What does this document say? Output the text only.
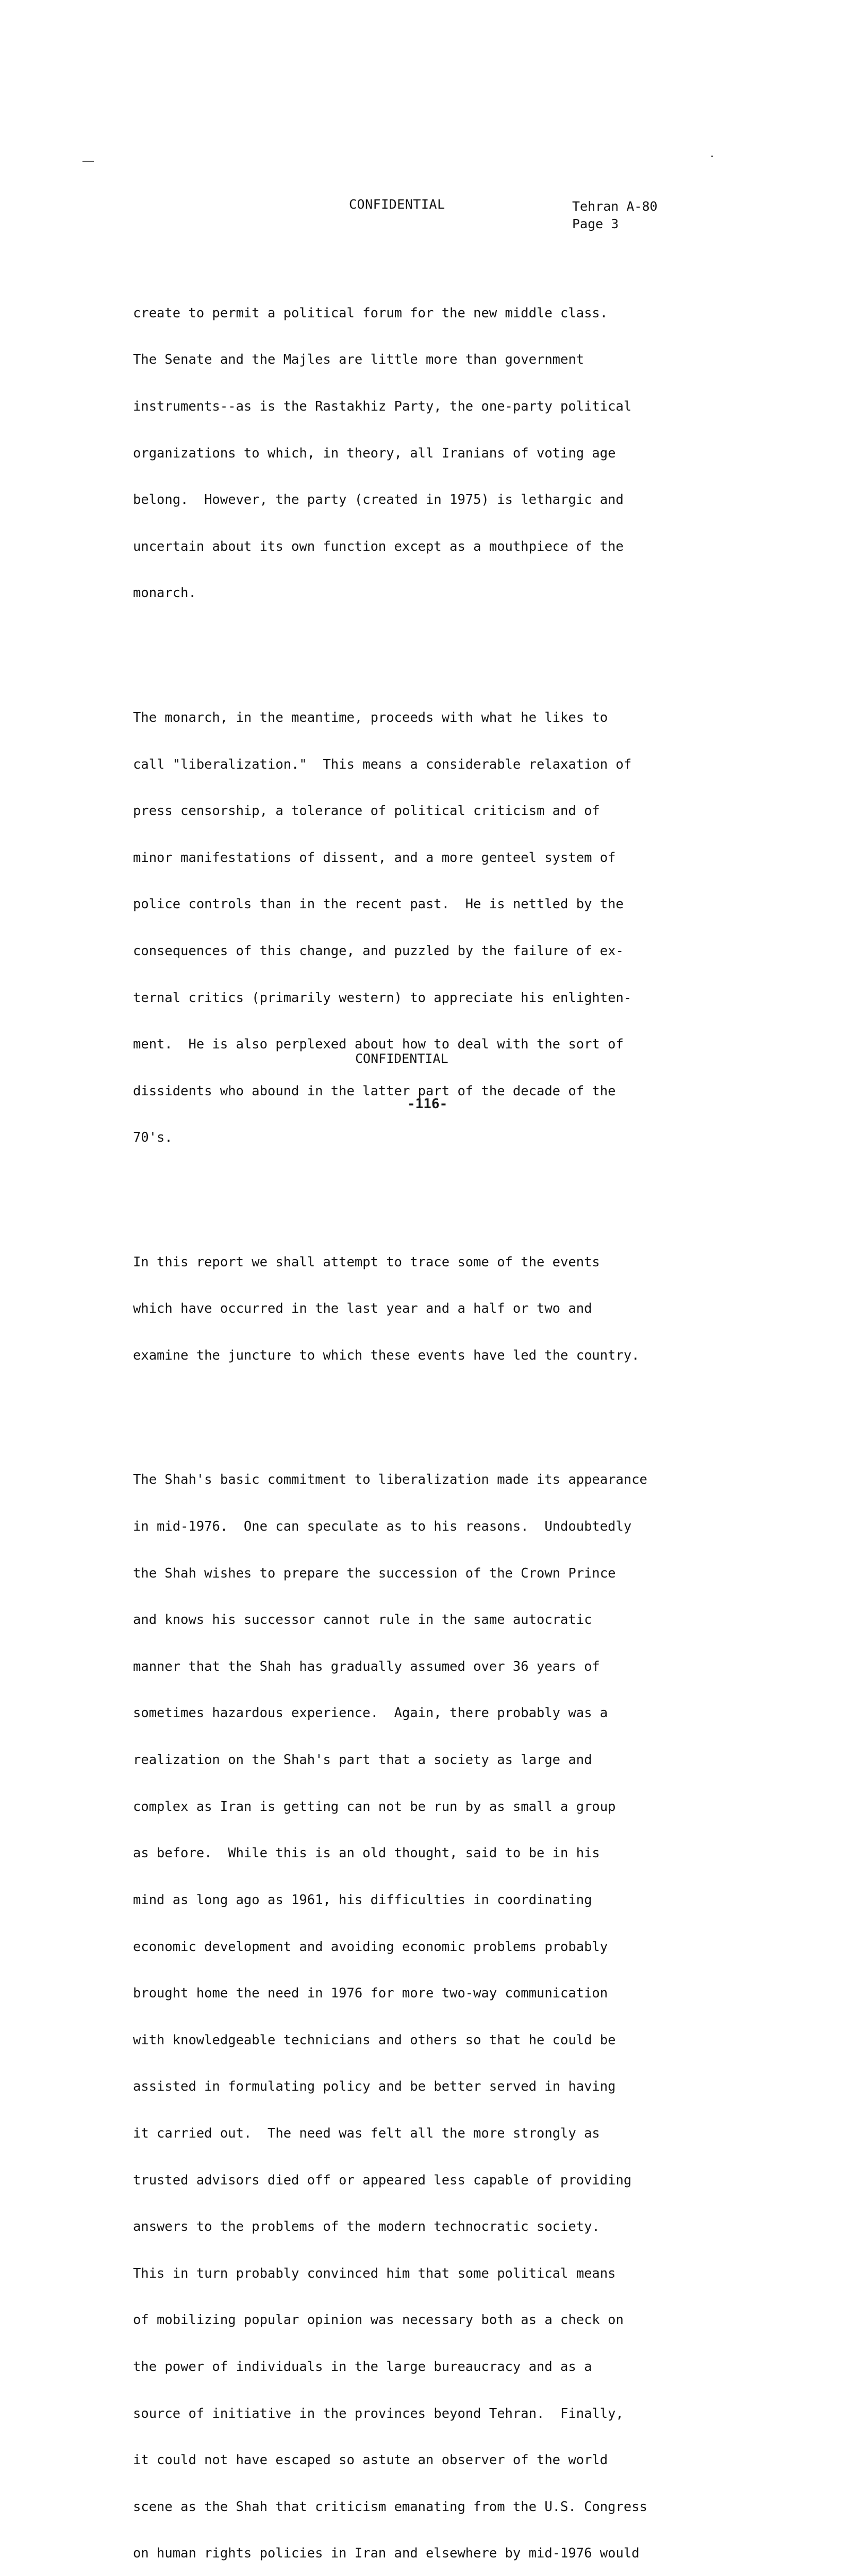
CONFIDENTIAL	Tehran A-80
Page 3

create to permit a political forum for the new middle class.

The Senate and the Majles are little more than government

instruments--as is the Rastakhiz Party, the one-party political

organizations to which, in theory, all Iranians of voting age

belong.  However, the party (created in 1975) is lethargic and

uncertain about its own function except as a mouthpiece of the

monarch.

The monarch, in the meantime, proceeds with what he likes to

call "liberalization."  This means a considerable relaxation of

press censorship, a tolerance of political criticism and of

minor manifestations of dissent, and a more genteel system of

police controls than in the recent past.  He is nettled by the

consequences of this change, and puzzled by the failure of ex-

ternal critics (primarily western) to appreciate his enlighten-

ment.  He is also perplexed about how to deal with the sort of

dissidents who abound in the latter part of the decade of the

70's.

In this report we shall attempt to trace some of the events

which have occurred in the last year and a half or two and

examine the juncture to which these events have led the country.

The Shah's basic commitment to liberalization made its appearance

in mid-1976.  One can speculate as to his reasons.  Undoubtedly

the Shah wishes to prepare the succession of the Crown Prince

and knows his successor cannot rule in the same autocratic

manner that the Shah has gradually assumed over 36 years of

sometimes hazardous experience.  Again, there probably was a

realization on the Shah's part that a society as large and

complex as Iran is getting can not be run by as small a group

as before.  While this is an old thought, said to be in his

mind as long ago as 1961, his difficulties in coordinating

economic development and avoiding economic problems probably

brought home the need in 1976 for more two-way communication

with knowledgeable technicians and others so that he could be

assisted in formulating policy and be better served in having

it carried out.  The need was felt all the more strongly as

trusted advisors died off or appeared less capable of providing

answers to the problems of the modern technocratic society.

This in turn probably convinced him that some political means

of mobilizing popular opinion was necessary both as a check on

the power of individuals in the large bureaucracy and as a

source of initiative in the provinces beyond Tehran.  Finally,

it could not have escaped so astute an observer of the world

scene as the Shah that criticism emanating from the U.S. Congress

on human rights policies in Iran and elsewhere by mid-1976 would

CONFIDENTIAL
-116-
